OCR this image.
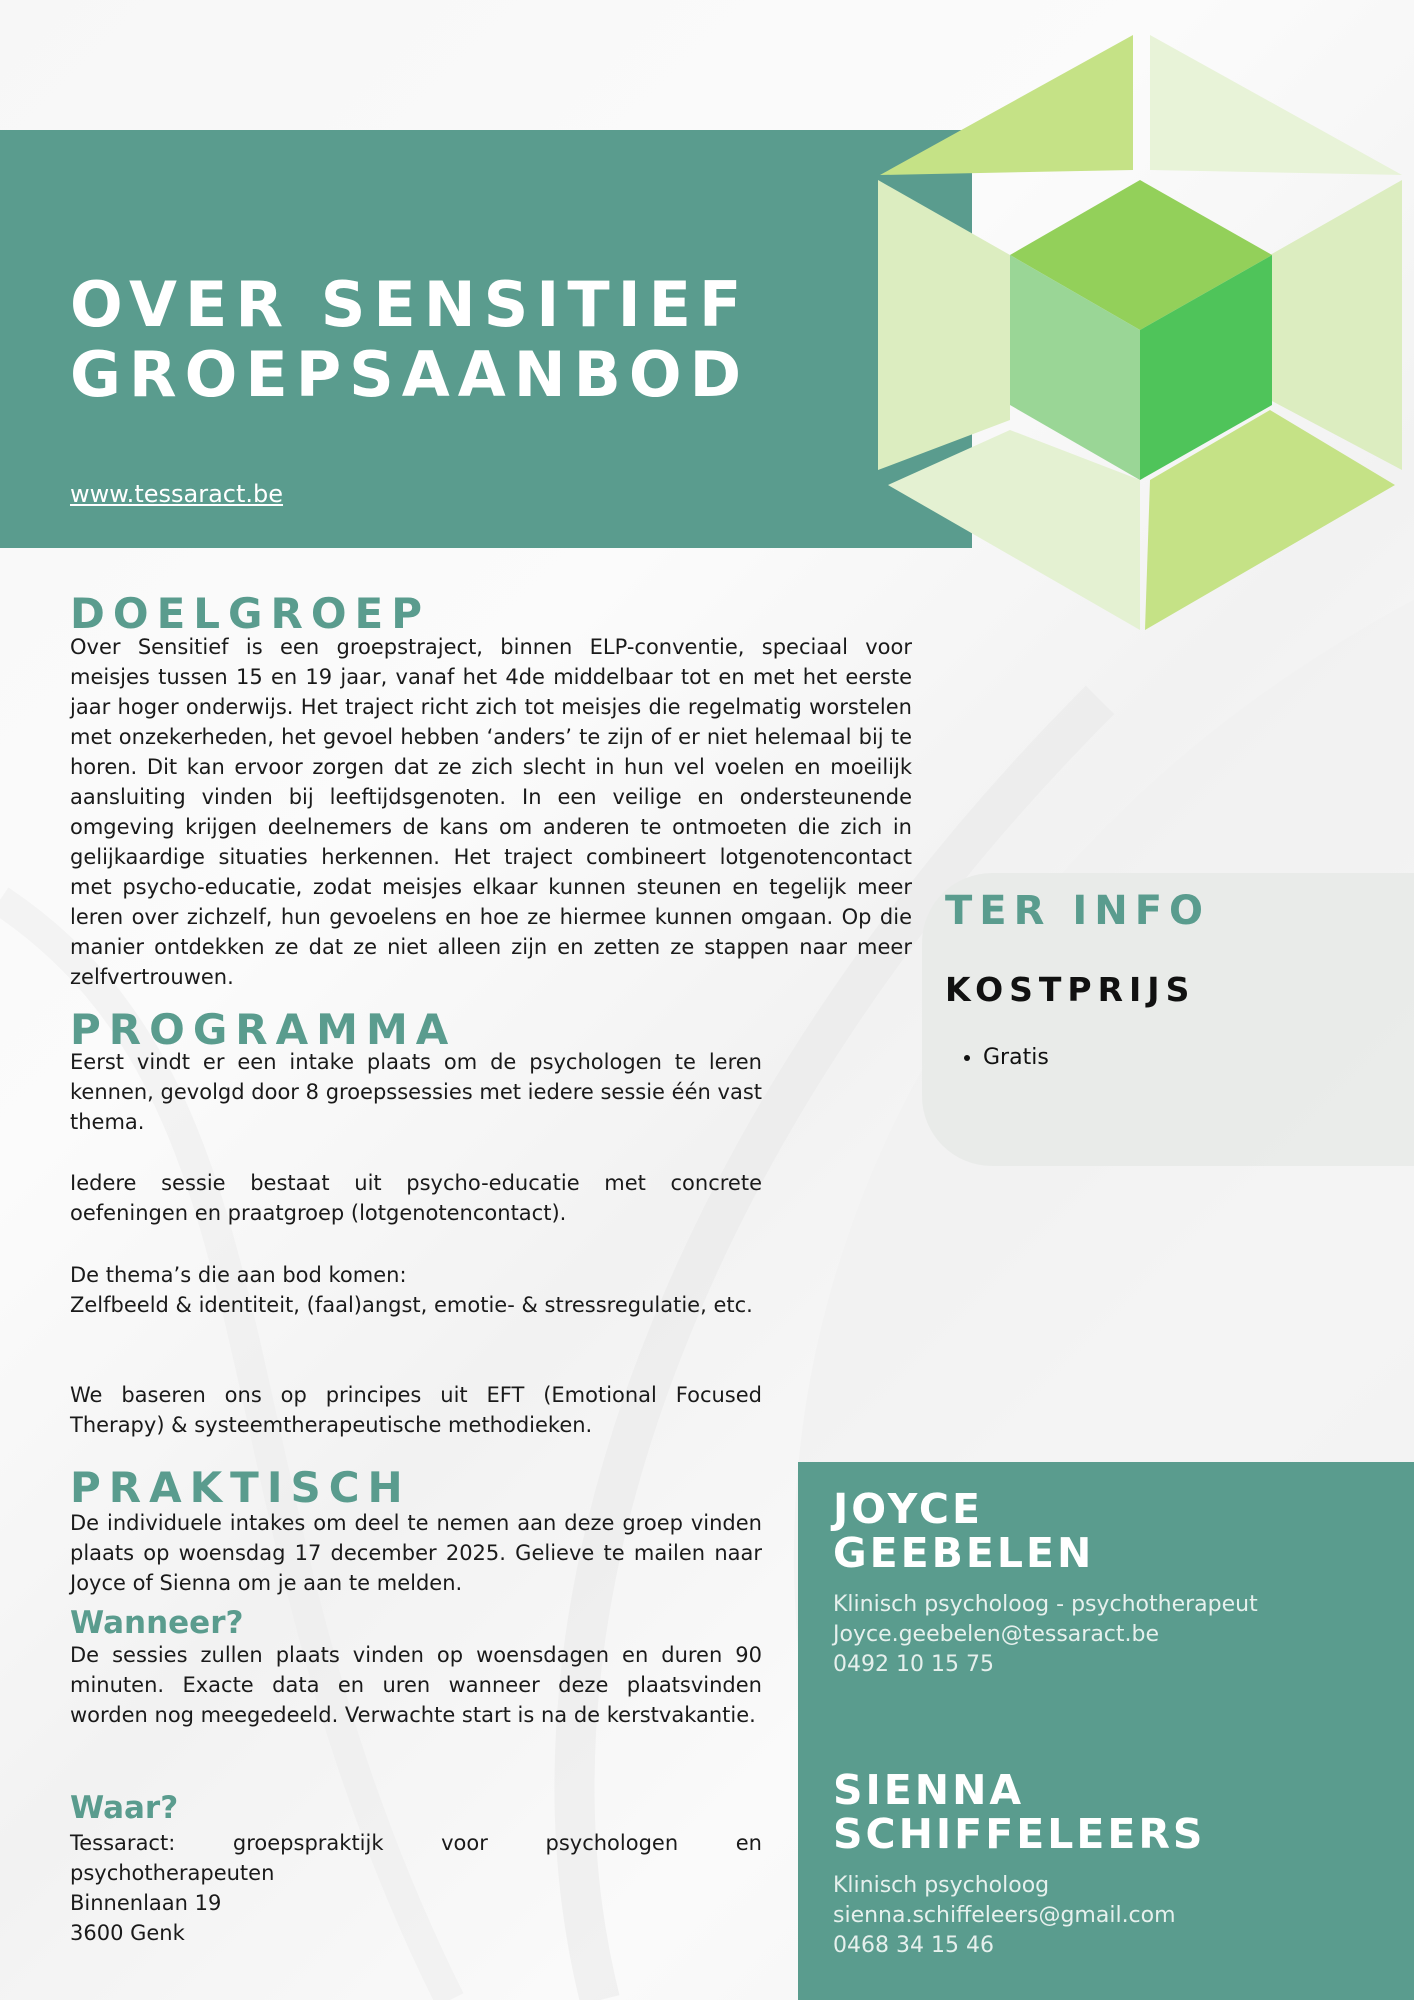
OVER SENSITIEF
GROEPSAANBOD
www.tessaract.be
DOELGROEP

Over Sensitief is een groepstraject, binnen ELP-conventie, speciaal voor meisjes tussen 15 en 19 jaar, vanaf het 4de middelbaar tot en met het eerste jaar hoger onderwijs. Het traject richt zich tot meisjes die regelmatig worstelen met onzekerheden, het gevoel hebben ‘anders’ te zijn of er niet helemaal bij te horen. Dit kan ervoor zorgen dat ze zich slecht in hun vel voelen en moeilijk aansluiting vinden bij leeftijdsgenoten. In een veilige en ondersteunende omgeving krijgen deelnemers de kans om anderen te ontmoeten die zich in gelijkaardige situaties herkennen. Het traject combineert lotgenotencontact met psycho-educatie, zodat meisjes elkaar kunnen steunen en tegelijk meer leren over zichzelf, hun gevoelens en hoe ze hiermee kunnen omgaan. Op die manier ontdekken ze dat ze niet alleen zijn en zetten ze stappen naar meer zelfvertrouwen.

PROGRAMMA

Eerst vindt er een intake plaats om de psychologen te leren kennen, gevolgd door 8 groepssessies met iedere sessie één vast thema.

Iedere sessie bestaat uit psycho-educatie met concrete oefeningen en praatgroep (lotgenotencontact).

De thema’s die aan bod komen:

Zelfbeeld & identiteit, (faal)angst, emotie- & stressregulatie, etc.

We baseren ons op principes uit EFT (Emotional Focused Therapy) & systeemtherapeutische methodieken.

PRAKTISCH

De individuele intakes om deel te nemen aan deze groep vinden plaats op woensdag 17 december 2025. Gelieve te mailen naar Joyce of Sienna om je aan te melden.

Wanneer?

De sessies zullen plaats vinden op woensdagen en duren 90 minuten. Exacte data en uren wanneer deze plaatsvinden worden nog meegedeeld. Verwachte start is na de kerstvakantie.

Waar?

Tessaract: groepspraktijk voor psychologen en psychotherapeuten

Binnenlaan 19

3600 Genk

TER INFO
KOSTPRIJS
• Gratis
JOYCE
GEEBELEN

Klinisch psycholoog - psychotherapeut

Joyce.geebelen@tessaract.be

0492 10 15 75

SIENNA
SCHIFFELEERS

Klinisch psycholoog

sienna.schiffeleers@gmail.com

0468 34 15 46
